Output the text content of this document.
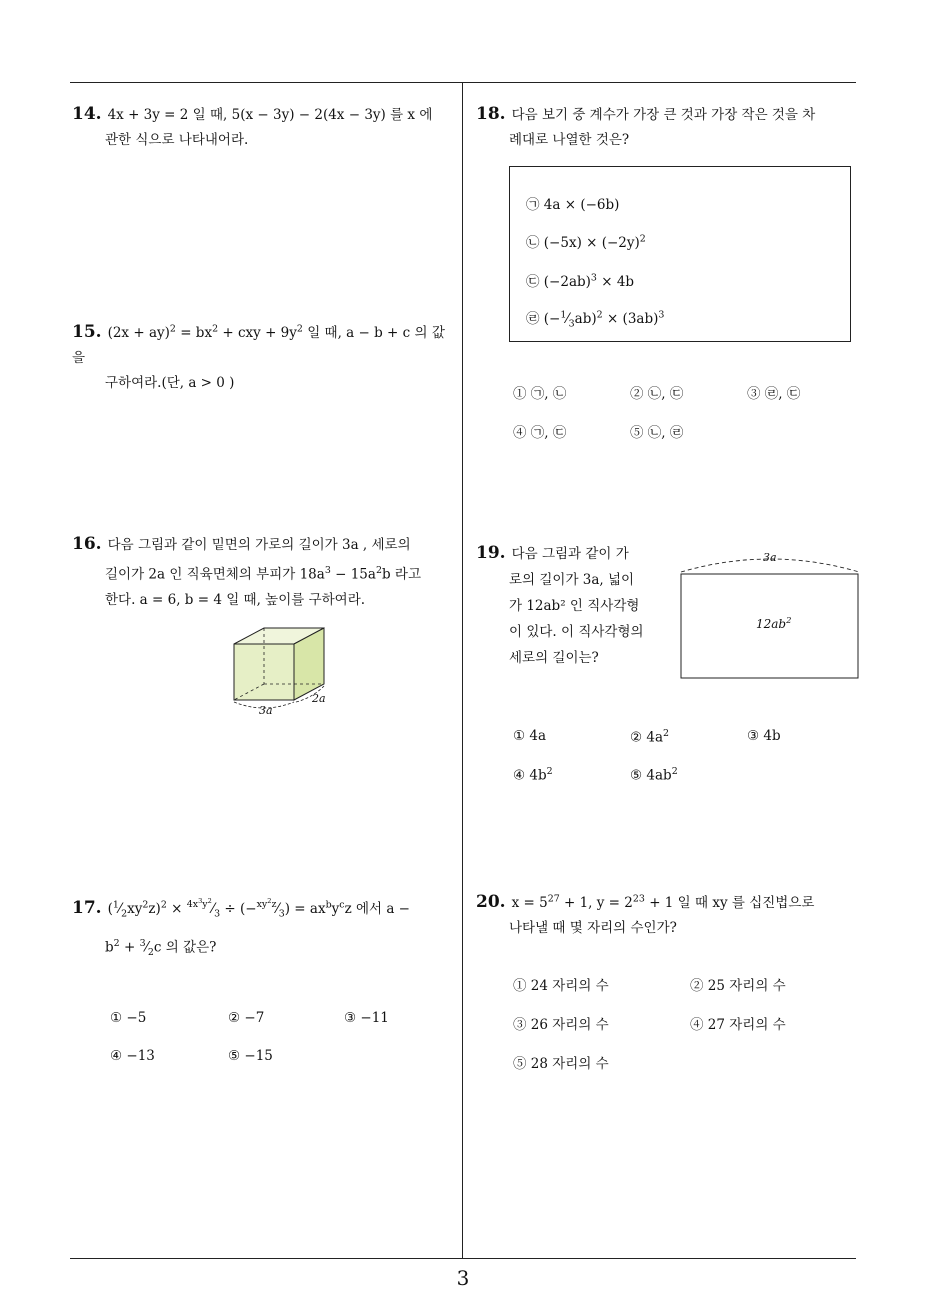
14. 4x + 3y = 2 일 때, 5(x − 3y) − 2(4x − 3y) 를 x 에
관한 식으로 나타내어라.
15. $(2x + ay)^2 = bx^2$ + cxy + $9y^2$ 일 때, a − b + c 의 값을
구하여라.(단, a > 0 )
16. 다음 그림과 같이 밑면의 가로의 길이가 3a , 세로의
길이가 2a 인 직육면체의 부피가 $18a^3 - 15a^2b$ 라고
한다. a = 6, b = 4 일 때, 높이를 구하여라.
3a
2a
17. $(^1⁄_2xy^2z)^2$ × $^{4x^3y^2}⁄_3$ ÷ $(-^{xy^2z}⁄_3) = ax^by^cz$ 에서 a −
$b^2$ + $^3⁄_2c$ 의 값은?
① −5	② −7	③ −11
④ −13	⑤ −15
18. 다음 보기 중 계수가 가장 큰 것과 가장 작은 것을 차
례대로 나열한 것은?
㉠ 4a × (−6b)
㉡ $(-5x) \times (-2y)^2$
㉢ $(-2ab)^3 \times 4b$
㉣ $(-^1⁄_3ab)^2 \times (3ab)^3$
① ㉠, ㉡	② ㉡, ㉢	③ ㉣, ㉢
④ ㉠, ㉢	⑤ ㉡, ㉣
19. 다음 그림과 같이 가
로의 길이가 3a, 넓이
가 12ab² 인 직사각형
이 있다. 이 직사각형의
세로의 길이는?
3a
$12ab^2$
① 4a	② $4a^2$	③ 4b
④ $4b^2$	⑤ $4ab^2$
20. $x = 5^{27} + 1$, $y = 2^{23} + 1$ 일 때 xy 를 십진법으로
나타낼 때 몇 자리의 수인가?
① 24 자리의 수	② 25 자리의 수
③ 26 자리의 수	④ 27 자리의 수
⑤ 28 자리의 수
3
